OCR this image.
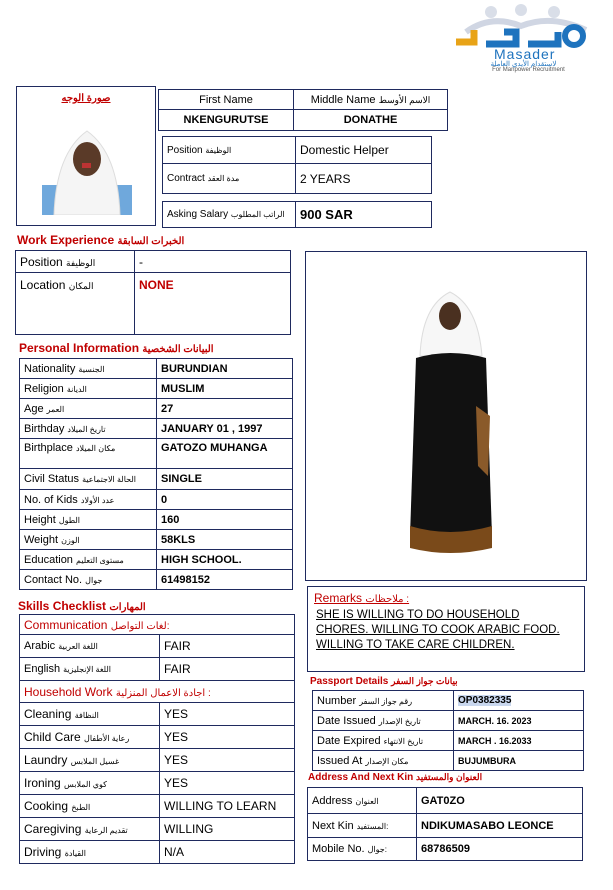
Masader
لاستقدام الأيدي العاملة
For Manpower Recruitment
صورة الوجه	First Name	Middle Name الاسم الأوسط
NKENGURUTSE	DONATHE
Position الوظيفة	Domestic Helper
Contract مدة العقد	2 YEARS

Asking Salary الراتب المطلوب	900 SAR
Work Experience الخبرات السابقة
Position الوظيفة	-
Location المكان	NONE
Personal Information البيانات الشخصية
Nationality الجنسية	BURUNDIAN
Religion الديانة	MUSLIM
Age العمر	27
Birthday تاريخ الميلاد	JANUARY 01 , 1997
Birthplace مكان الميلاد	GATOZO MUHANGA
Civil Status الحالة الاجتماعية	SINGLE
No. of Kids عدد الأولاد	0
Height الطول	160
Weight الوزن	58KLS
Education مستوى التعليم	HIGH SCHOOL.
Contact No. جوال	61498152
Skills Checklist المهارات
Communication لغات التواصل:	
Arabic اللغة العربية	FAIR
English اللغة الإنجليزية	FAIR
Household Work اجادة الاعمال المنزلية :	
Cleaning النظافة	YES
Child Care رعاية الأطفال	YES
Laundry غسيل الملابس	YES
Ironing كوي الملابس	YES
Cooking الطبخ	WILLING TO LEARN
Caregiving تقديم الرعاية	WILLING
Driving القيادة	N/A
Remarks ملاحظات :
SHE IS WILLING TO DO HOUSEHOLD
CHORES. WILLING TO COOK ARABIC FOOD.
WILLING TO TAKE CARE CHILDREN.
Passport Details بيانات جواز السفر
Number رقم جواز السفر	OP0382335
Date Issued تاريخ الإصدار	MARCH. 16. 2023
Date Expired تاريخ الانتهاء	MARCH . 16.2033
Issued At مكان الإصدار	BUJUMBURA
Address And Next Kin العنوان والمستفيد
Address العنوان	GAT0ZO
Next Kin المستفيد:	NDIKUMASABO LEONCE
Mobile No. جوال:	68786509
